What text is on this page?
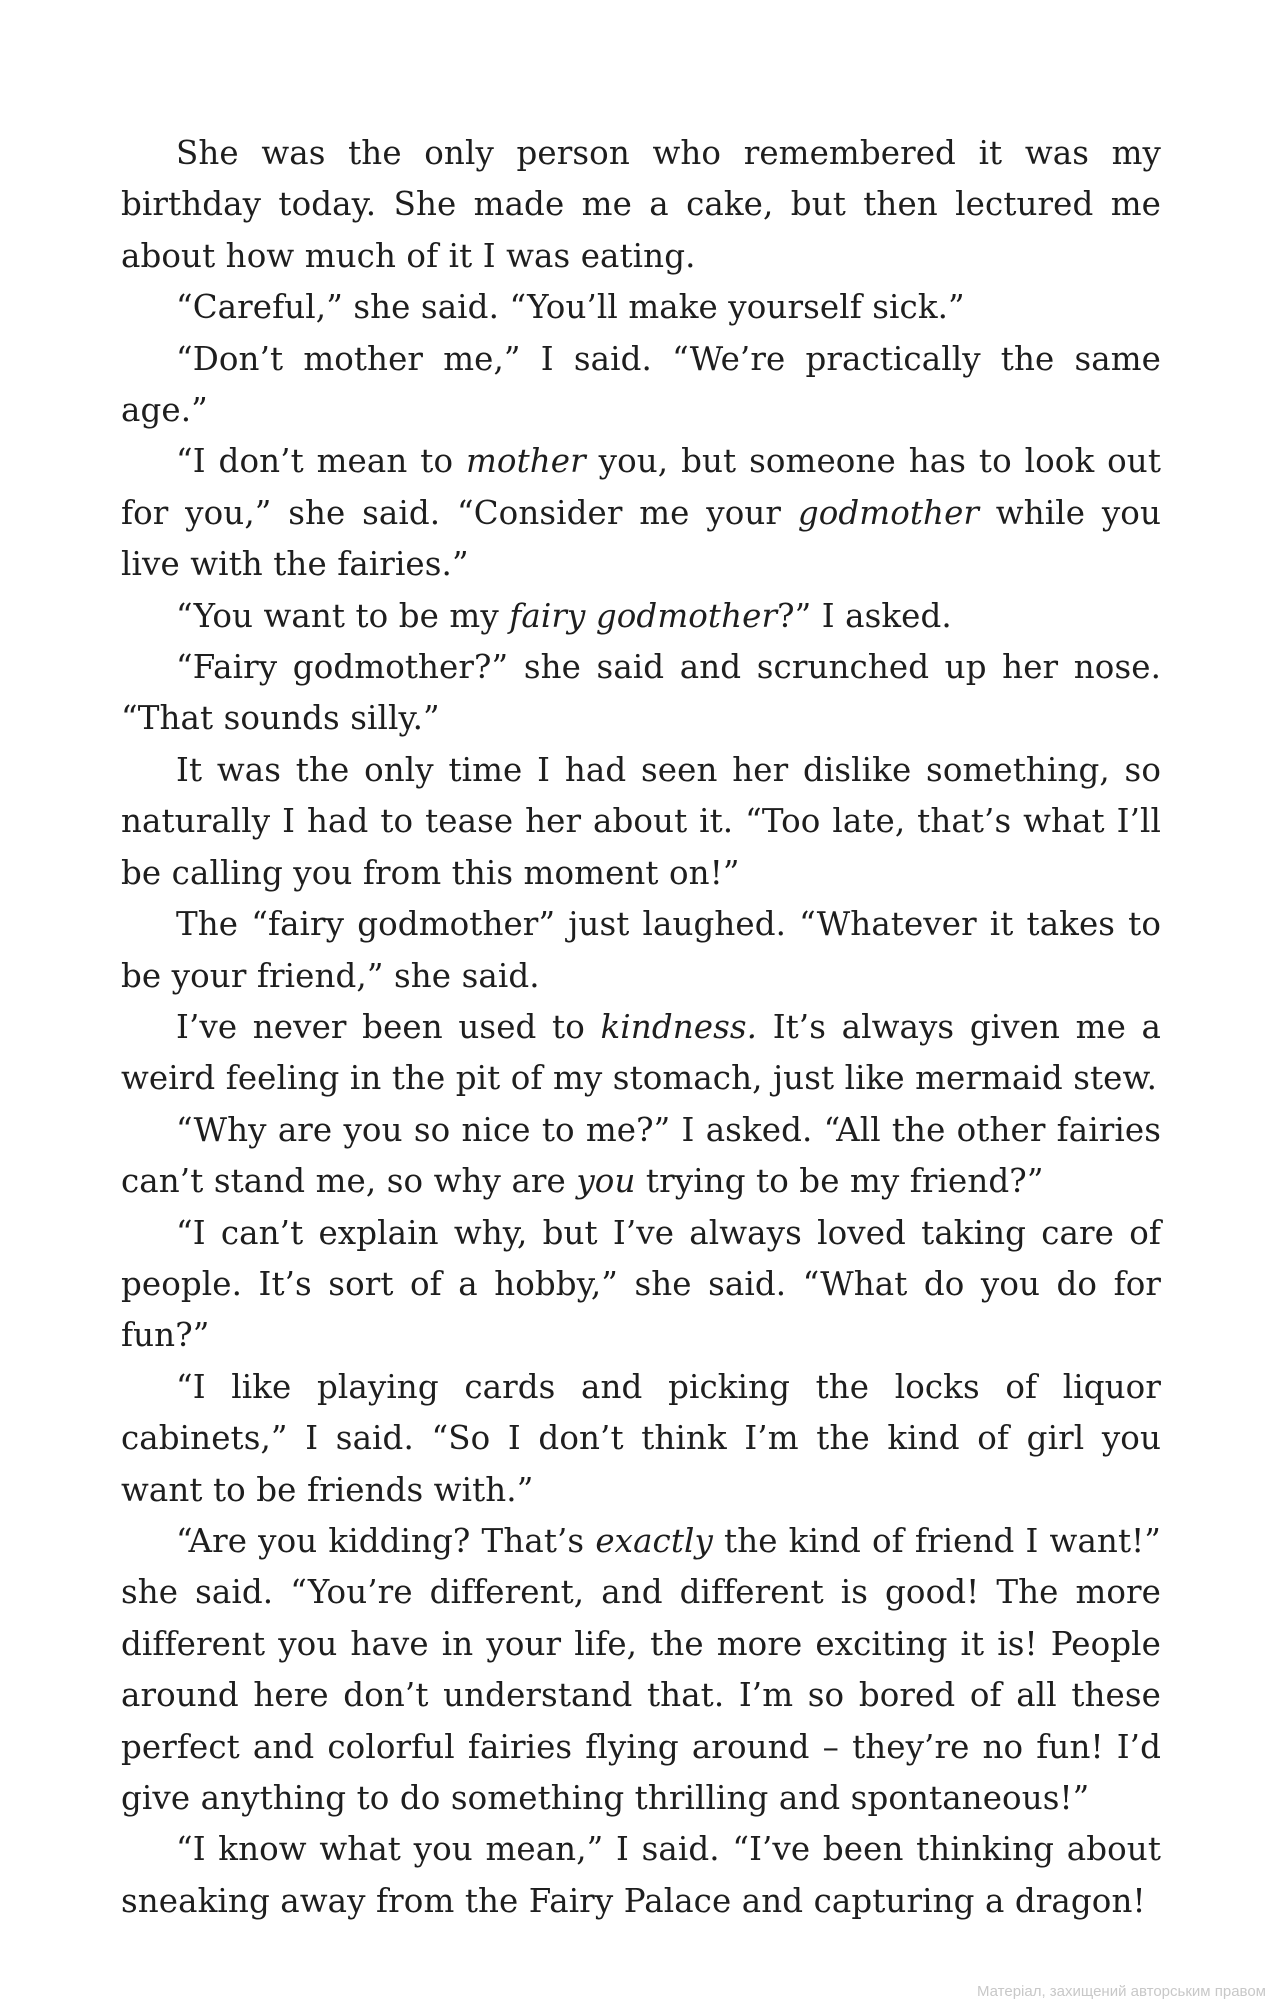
She was the only person who remembered it was my birthday today. She made me a cake, but then lectured me about how much of it I was eating.

“Careful,” she said. “You’ll make yourself sick.”

“Don’t mother me,” I said. “We’re practically the same age.”

“I don’t mean to mother you, but someone has to look out for you,” she said. “Consider me your godmother while you live with the fairies.”

“You want to be my fairy godmother?” I asked.

“Fairy godmother?” she said and scrunched up her nose. “That sounds silly.”

It was the only time I had seen her dislike something, so naturally I had to tease her about it. “Too late, that’s what I’ll be calling you from this moment on!”

The “fairy godmother” just laughed. “Whatever it takes to be your friend,” she said.

I’ve never been used to kindness. It’s always given me a weird feeling in the pit of my stomach, just like mermaid stew.

“Why are you so nice to me?” I asked. “All the other fairies can’t stand me, so why are you trying to be my friend?”

“I can’t explain why, but I’ve always loved taking care of people. It’s sort of a hobby,” she said. “What do you do for fun?”

“I like playing cards and picking the locks of liquor cabinets,” I said. “So I don’t think I’m the kind of girl you want to be friends with.”

“Are you kidding? That’s exactly the kind of friend I want!” she said. “You’re different, and different is good! The more different you have in your life, the more exciting it is! People around here don’t understand that. I’m so bored of all these perfect and colorful fairies flying around – they’re no fun! I’d give anything to do something thrilling and spontaneous!”

“I know what you mean,” I said. “I’ve been thinking about sneaking away from the Fairy Palace and capturing a dragon!

Матеріал, захищений авторським правом
